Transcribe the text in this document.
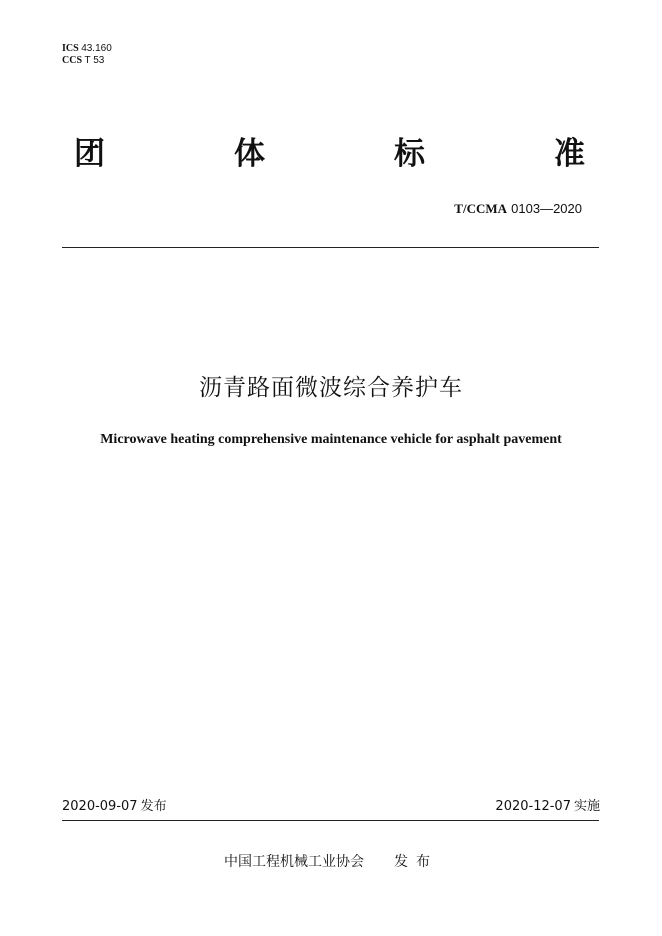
ICS 43.160
CCS T 53
团	体	标	准
T/CCMA 0103—2020
沥青路面微波综合养护车
Microwave heating comprehensive maintenance vehicle for asphalt pavement
2020-09-07 发布	2020-12-07 实施
中国工程机械工业协会 发布
